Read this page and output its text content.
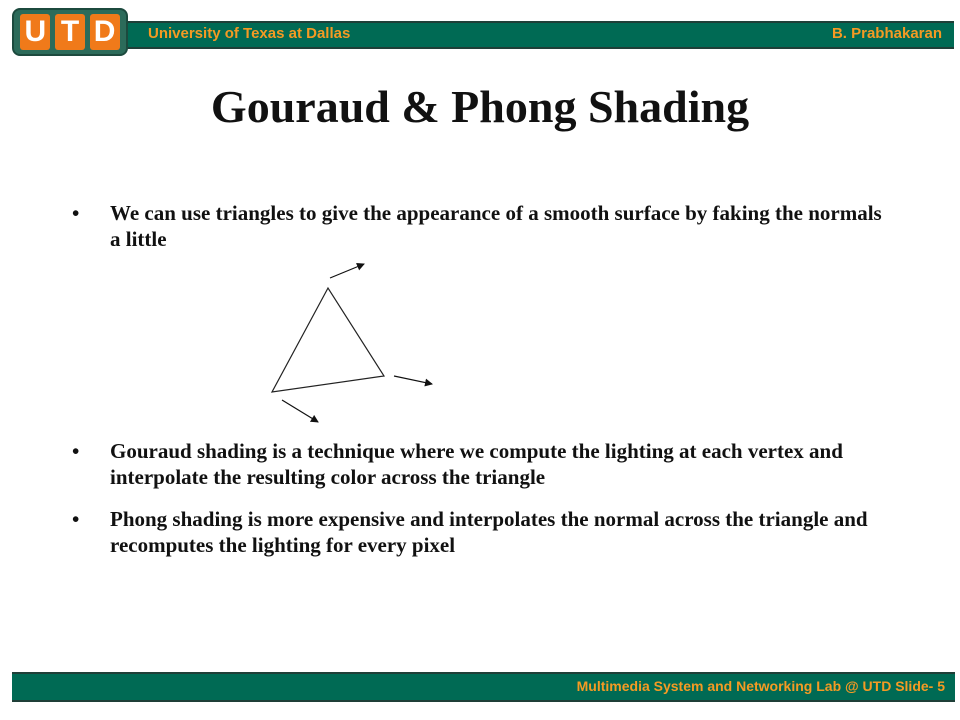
University of Texas at Dallas	B. Prabhakaran
U T D
Gouraud & Phong Shading
• We can use triangles to give the appearance of a smooth surface by faking the normals a little
• Gouraud shading is a technique where we compute the lighting at each vertex and interpolate the resulting color across the triangle
• Phong shading is more expensive and interpolates the normal across the triangle and recomputes the lighting for every pixel
Multimedia System and Networking Lab @ UTD Slide- 5
